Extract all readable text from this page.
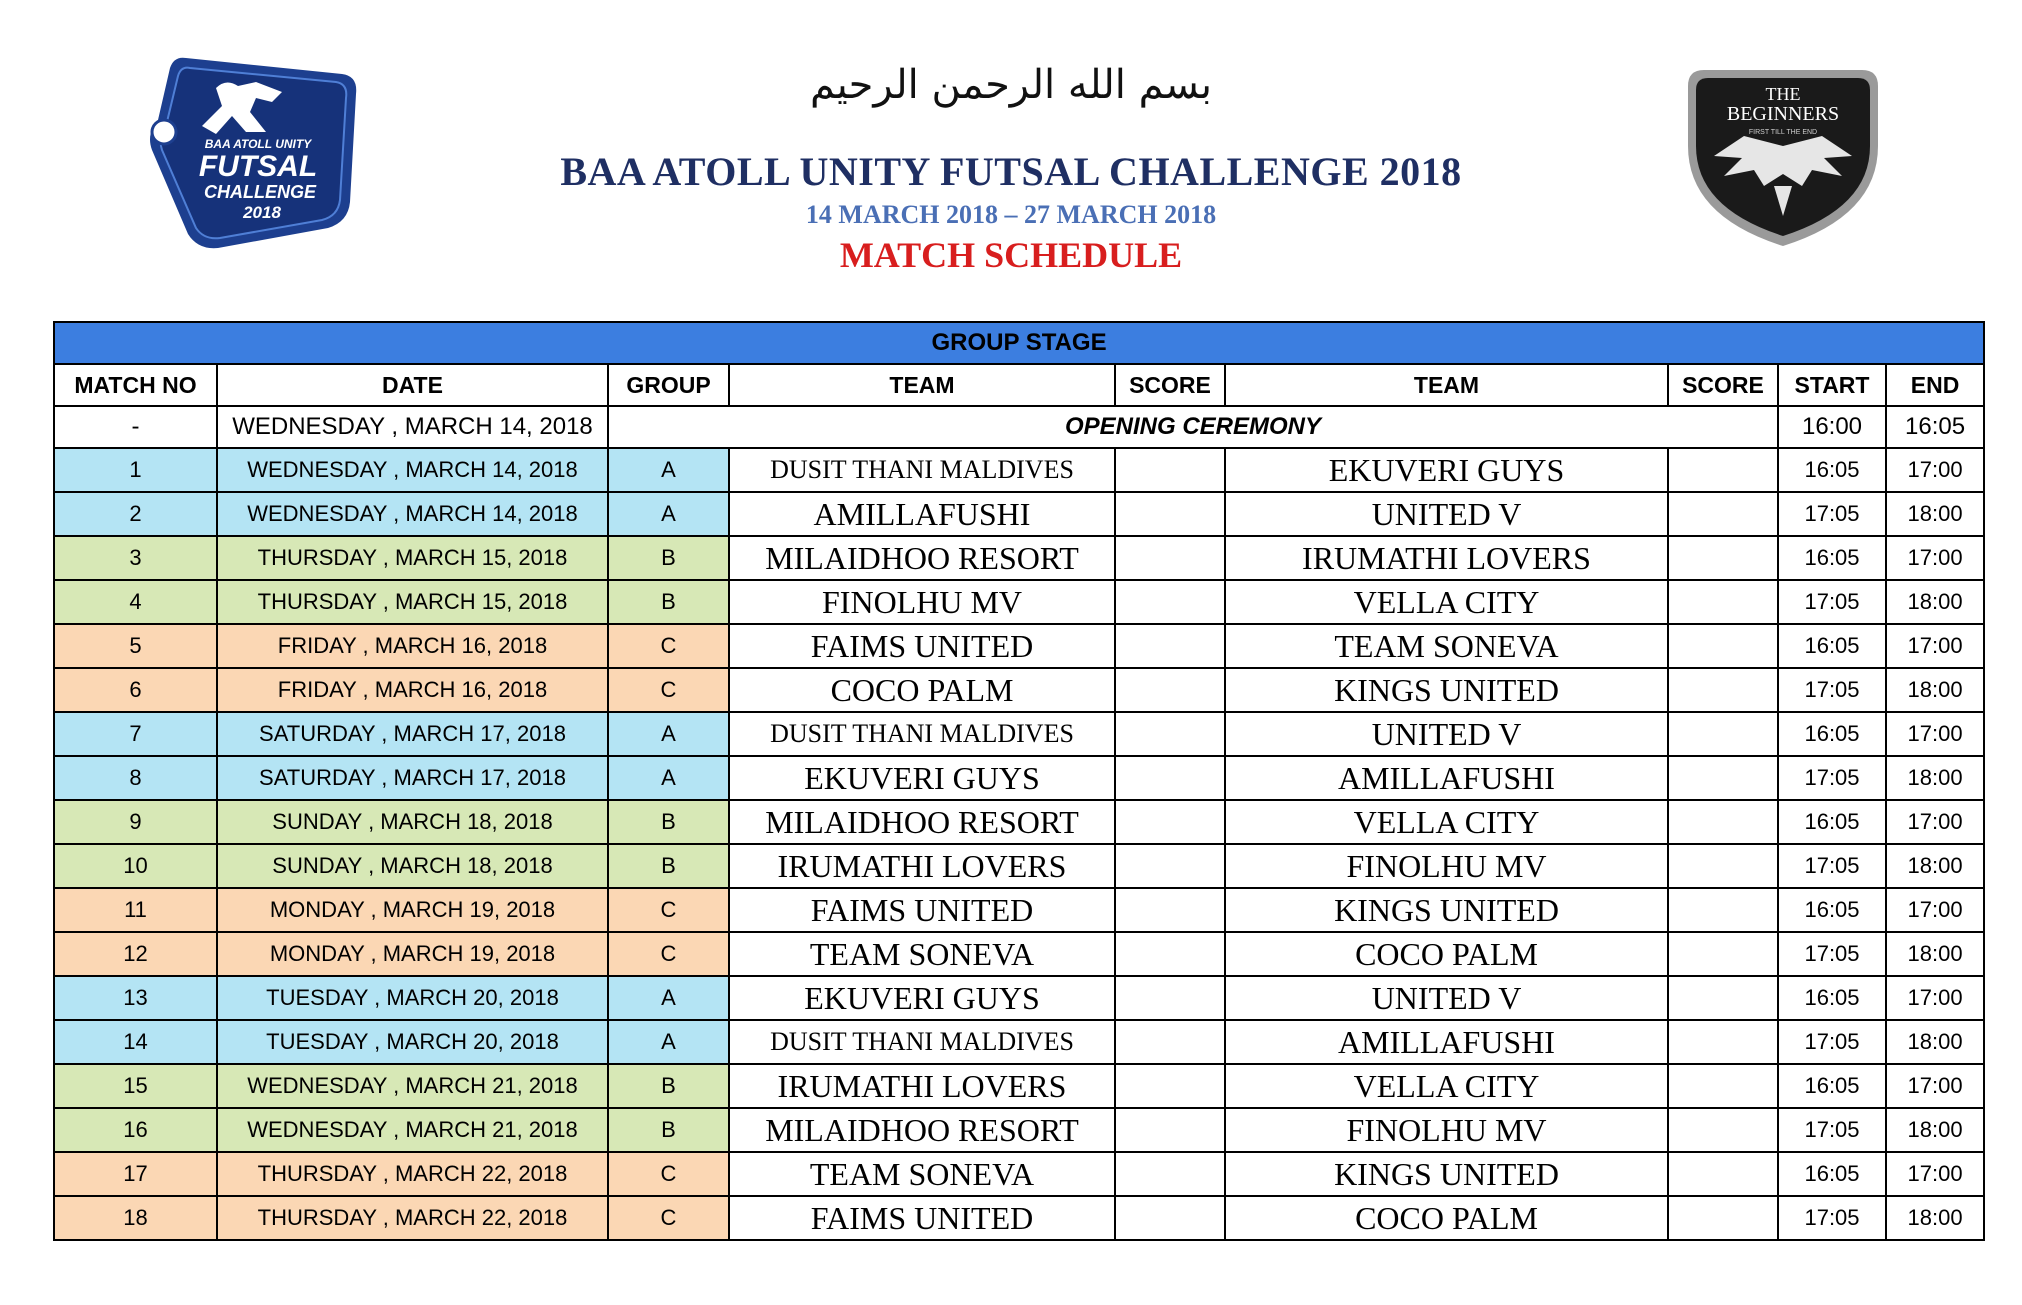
BAA ATOLL UNITY
FUTSAL
CHALLENGE
2018
THE
BEGINNERS
FIRST TILL THE END
بسم الله الرحمن الرحيم
BAA ATOLL UNITY FUTSAL CHALLENGE 2018
14 MARCH 2018 – 27 MARCH 2018
MATCH SCHEDULE
GROUP STAGE								
MATCH NO	DATE	GROUP	TEAM	SCORE	TEAM	SCORE	START	END
-	WEDNESDAY , MARCH 14, 2018	OPENING CEREMONY					16:00	16:05
1	WEDNESDAY , MARCH 14, 2018	A	DUSIT THANI MALDIVES		EKUVERI GUYS		16:05	17:00
2	WEDNESDAY , MARCH 14, 2018	A	AMILLAFUSHI		UNITED V		17:05	18:00
3	THURSDAY , MARCH 15, 2018	B	MILAIDHOO RESORT		IRUMATHI LOVERS		16:05	17:00
4	THURSDAY , MARCH 15, 2018	B	FINOLHU MV		VELLA CITY		17:05	18:00
5	FRIDAY , MARCH 16, 2018	C	FAIMS UNITED		TEAM SONEVA		16:05	17:00
6	FRIDAY , MARCH 16, 2018	C	COCO PALM		KINGS UNITED		17:05	18:00
7	SATURDAY , MARCH 17, 2018	A	DUSIT THANI MALDIVES		UNITED V		16:05	17:00
8	SATURDAY , MARCH 17, 2018	A	EKUVERI GUYS		AMILLAFUSHI		17:05	18:00
9	SUNDAY , MARCH 18, 2018	B	MILAIDHOO RESORT		VELLA CITY		16:05	17:00
10	SUNDAY , MARCH 18, 2018	B	IRUMATHI LOVERS		FINOLHU MV		17:05	18:00
11	MONDAY , MARCH 19, 2018	C	FAIMS UNITED		KINGS UNITED		16:05	17:00
12	MONDAY , MARCH 19, 2018	C	TEAM SONEVA		COCO PALM		17:05	18:00
13	TUESDAY , MARCH 20, 2018	A	EKUVERI GUYS		UNITED V		16:05	17:00
14	TUESDAY , MARCH 20, 2018	A	DUSIT THANI MALDIVES		AMILLAFUSHI		17:05	18:00
15	WEDNESDAY , MARCH 21, 2018	B	IRUMATHI LOVERS		VELLA CITY		16:05	17:00
16	WEDNESDAY , MARCH 21, 2018	B	MILAIDHOO RESORT		FINOLHU MV		17:05	18:00
17	THURSDAY , MARCH 22, 2018	C	TEAM SONEVA		KINGS UNITED		16:05	17:00
18	THURSDAY , MARCH 22, 2018	C	FAIMS UNITED		COCO PALM		17:05	18:00
